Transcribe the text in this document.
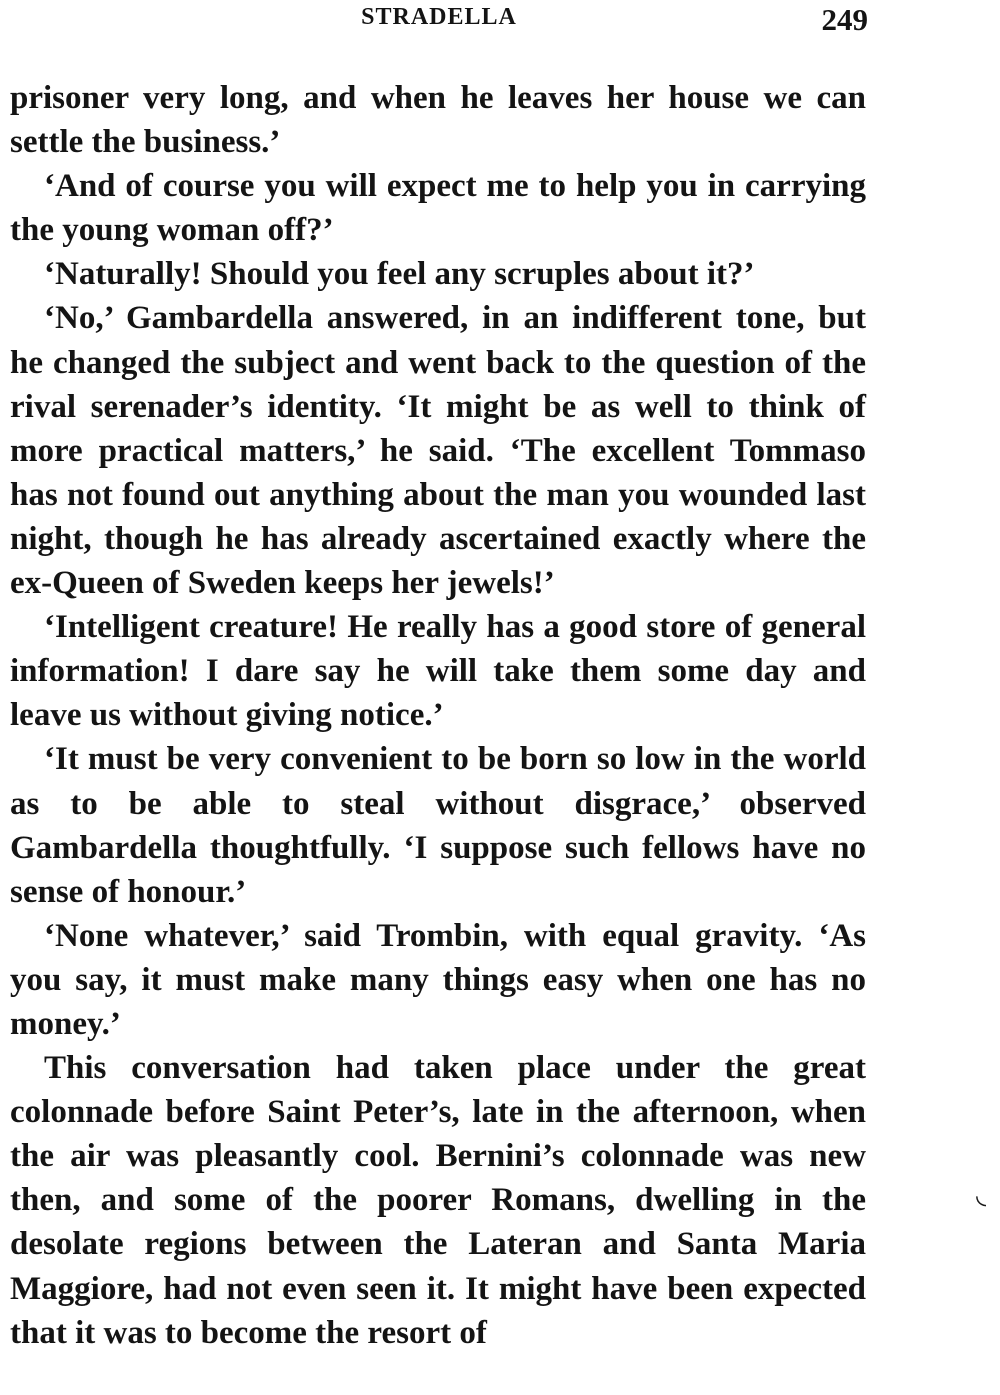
STRADELLA	249

prisoner very long, and when he leaves her house we can settle the business.’

‘And of course you will expect me to help you in carrying the young woman off?’

‘Naturally! Should you feel any scruples about it?’

‘No,’ Gambardella answered, in an indifferent tone, but he changed the subject and went back to the question of the rival serenader’s identity. ‘It might be as well to think of more practical matters,’ he said. ‘The excellent Tommaso has not found out anything about the man you wounded last night, though he has already ascertained exactly where the ex-Queen of Sweden keeps her jewels!’

‘Intelligent creature! He really has a good store of general information! I dare say he will take them some day and leave us without giving notice.’

‘It must be very convenient to be born so low in the world as to be able to steal without disgrace,’ observed Gambardella thoughtfully. ‘I suppose such fellows have no sense of honour.’

‘None whatever,’ said Trombin, with equal gravity. ‘As you say, it must make many things easy when one has no money.’

This conversation had taken place under the great colonnade before Saint Peter’s, late in the afternoon, when the air was pleasantly cool. Bernini’s colonnade was new then, and some of the poorer Romans, dwelling in the desolate regions between the Lateran and Santa Maria Maggiore, had not even seen it. It might have been expected that it was to become the resort of

◟
